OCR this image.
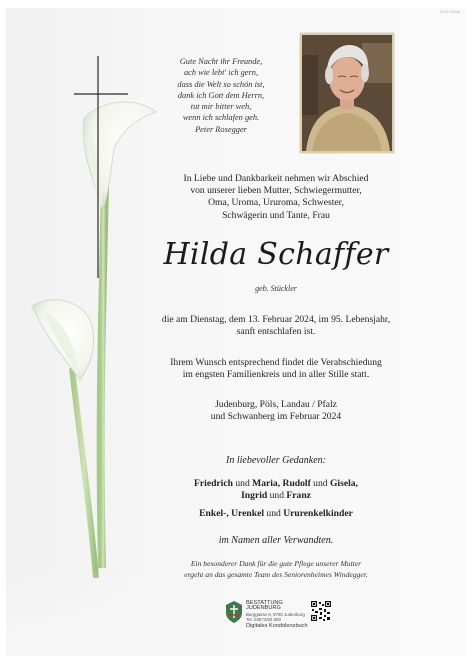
Gute Nacht ihr Freunde,
ach wie lebt' ich gern,
dass die Welt so schön ist,
dank ich Gott dem Herrn,
tut mir bitter weh,
wenn ich schlafen geh.
Peter Rosegger
In Liebe und Dankbarkeit nehmen wir Abschied
von unserer lieben Mutter, Schwiegermutter,
Oma, Uroma, Ururoma, Schwester,
Schwägerin und Tante, Frau
Hilda Schaffer
geb. Stückler
die am Dienstag, dem 13. Februar 2024, im 95. Lebensjahr,
sanft entschlafen ist.
Ihrem Wunsch entsprechend findet die Verabschiedung
im engsten Familienkreis und in aller Stille statt.
Judenburg, Pöls, Landau / Pfalz
und Schwanberg im Februar 2024
In liebevoller Gedanken:
Friedrich und Maria, Rudolf und Gisela,
Ingrid und Franz
Enkel-, Urenkel und Ururenkelkinder
im Namen aller Verwandten.
Ein besonderer Dank für die gute Pflege unserer Mutter
ergeht an das gesamte Team des Seniorenheimes Windegger.
BESTATTUNG JUDENBURG
Burggasse 6, 8750 Judenburg
Tel. 03572/83 600
Digitales Kondolenzbuch
01.07.00426
